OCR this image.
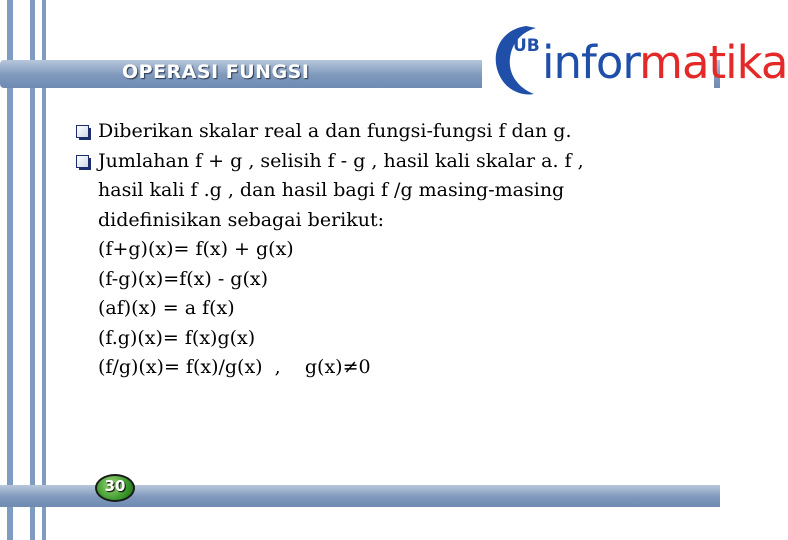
OPERASI FUNGSI
UB informatika
Diberikan skalar real a dan fungsi-fungsi f dan g.
Jumlahan f + g , selisih f - g , hasil kali skalar a. f ,
hasil kali f .g , dan hasil bagi f /g masing-masing
didefinisikan sebagai berikut:
(f+g)(x)= f(x) + g(x)
(f-g)(x)=f(x) - g(x)
(af)(x) = a f(x)
(f.g)(x)= f(x)g(x)
(f/g)(x)= f(x)/g(x)  ,    g(x)≠0
30
